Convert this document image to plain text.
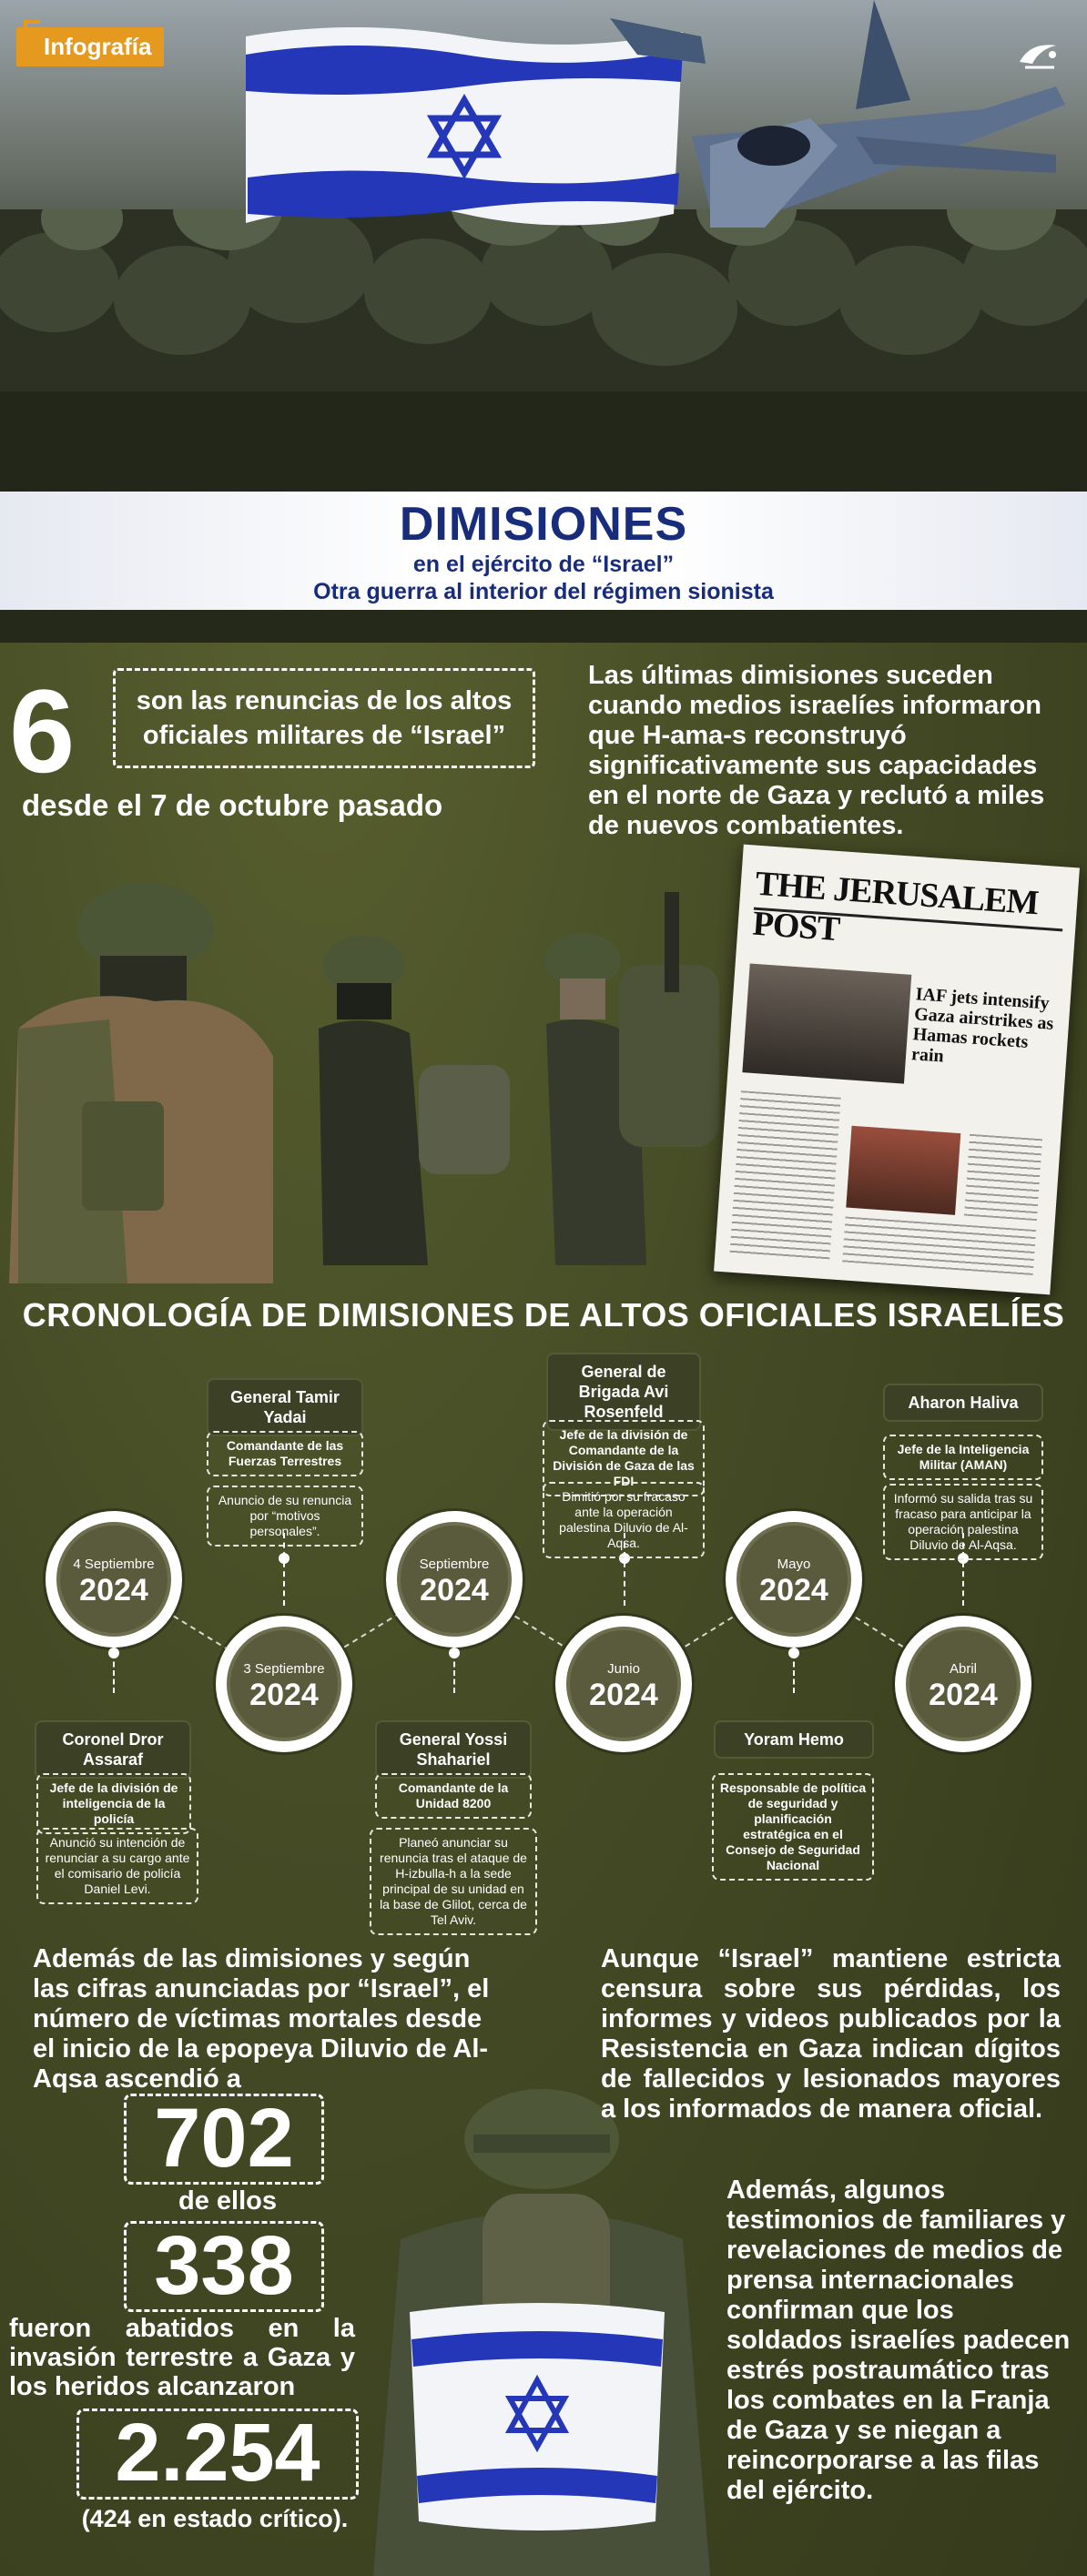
Infografía
DIMISIONES
en el ejército de “Israel”
Otra guerra al interior del régimen sionista
6	son las renuncias de los altos oficiales militares de “Israel”
desde el 7 de octubre pasado
Las últimas dimisiones suceden cuando medios israelíes informaron que H-ama-s reconstruyó significativamente sus capacidades en el norte de Gaza y reclutó a miles de nuevos combatientes.
THE JERUSALEM POST
IAF jets intensify Gaza airstrikes as Hamas rockets rain
CRONOLOGÍA DE DIMISIONES DE ALTOS OFICIALES ISRAELÍES
4 Septiembre
2024
3 Septiembre
2024
Septiembre
2024
Junio
2024
Mayo
2024
Abril
2024
Coronel Dror Assaraf
Jefe de la división de inteligencia de la policía
Anunció su intención de renunciar a su cargo ante el comisario de policía Daniel Levi.
General Tamir Yadai
Comandante de las Fuerzas Terrestres
Anuncio de su renuncia por “motivos personales”.
General Yossi Shahariel
Comandante de la Unidad 8200
Planeó anunciar su renuncia tras el ataque de H-izbulla-h a la sede principal de su unidad en la base de Glilot, cerca de Tel Aviv.
General de Brigada Avi Rosenfeld
Jefe de la división de Comandante de la División de Gaza de las FDI
Dimitió por su fracaso ante la operación palestina Diluvio de Al-Aqsa.
Yoram Hemo
Responsable de política de seguridad y planificación estratégica en el Consejo de Seguridad Nacional
Aharon Haliva
Jefe de la Inteligencia Militar (AMAN)
Informó su salida tras su fracaso para anticipar la operación palestina Diluvio de Al-Aqsa.
Además de las dimisiones y según las cifras anunciadas por “Israel”, el número de víctimas mortales desde el inicio de la epopeya Diluvio de Al-Aqsa ascendió a
702
de ellos
338
fueron abatidos en la invasión terrestre a Gaza y los heridos alcanzaron
2.254
(424 en estado crítico).
Aunque “Israel” mantiene estricta censura sobre sus pérdidas, los informes y videos publicados por la Resistencia en Gaza indican dígitos de fallecidos y lesionados mayores a los informados de manera oficial.
Además, algunos testimonios de familiares y revelaciones de medios de prensa internacionales confirman que los soldados israelíes padecen estrés postraumático tras los combates en la Franja de Gaza y se niegan a reincorporarse a las filas del ejército.
